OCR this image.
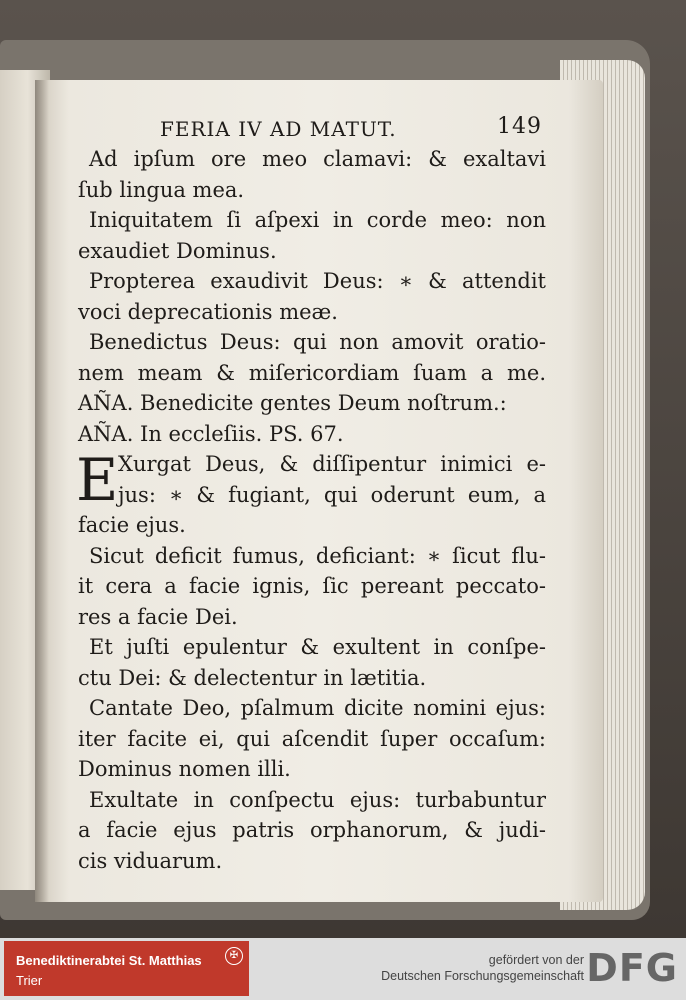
FERIA IV AD MATUT.	149
Ad ipſum ore meo clamavi: & exaltavi
ſub lingua mea.
Iniquitatem ſi aſpexi in corde meo: non
exaudiet Dominus.
Propterea exaudivit Deus: ∗ & attendit
voci deprecationis meæ.
Benedictus Deus: qui non amovit oratio-
nem meam & miſericordiam ſuam a me.
AÑA. Benedicite gentes Deum noſtrum.:
AÑA. In eccleſiis. PS. 67.
E Xurgat Deus, & diſſipentur inimici e-
jus: ∗ & fugiant, qui oderunt eum, a
facie ejus.
Sicut deficit fumus, deficiant: ∗ ſicut flu-
it cera a facie ignis, ſic pereant peccato-
res a facie Dei.
Et juſti epulentur & exultent in conſpe-
ctu Dei: & delectentur in lætitia.
Cantate Deo, pſalmum dicite nomini ejus:
iter facite ei, qui aſcendit ſuper occaſum:
Dominus nomen illi.
Exultate in conſpectu ejus: turbabuntur
a facie ejus patris orphanorum, & judi-
cis viduarum.
Benediktinerabtei St. Matthias
Trier
✠	gefördert von der
Deutschen Forschungsgemeinschaft DFG
